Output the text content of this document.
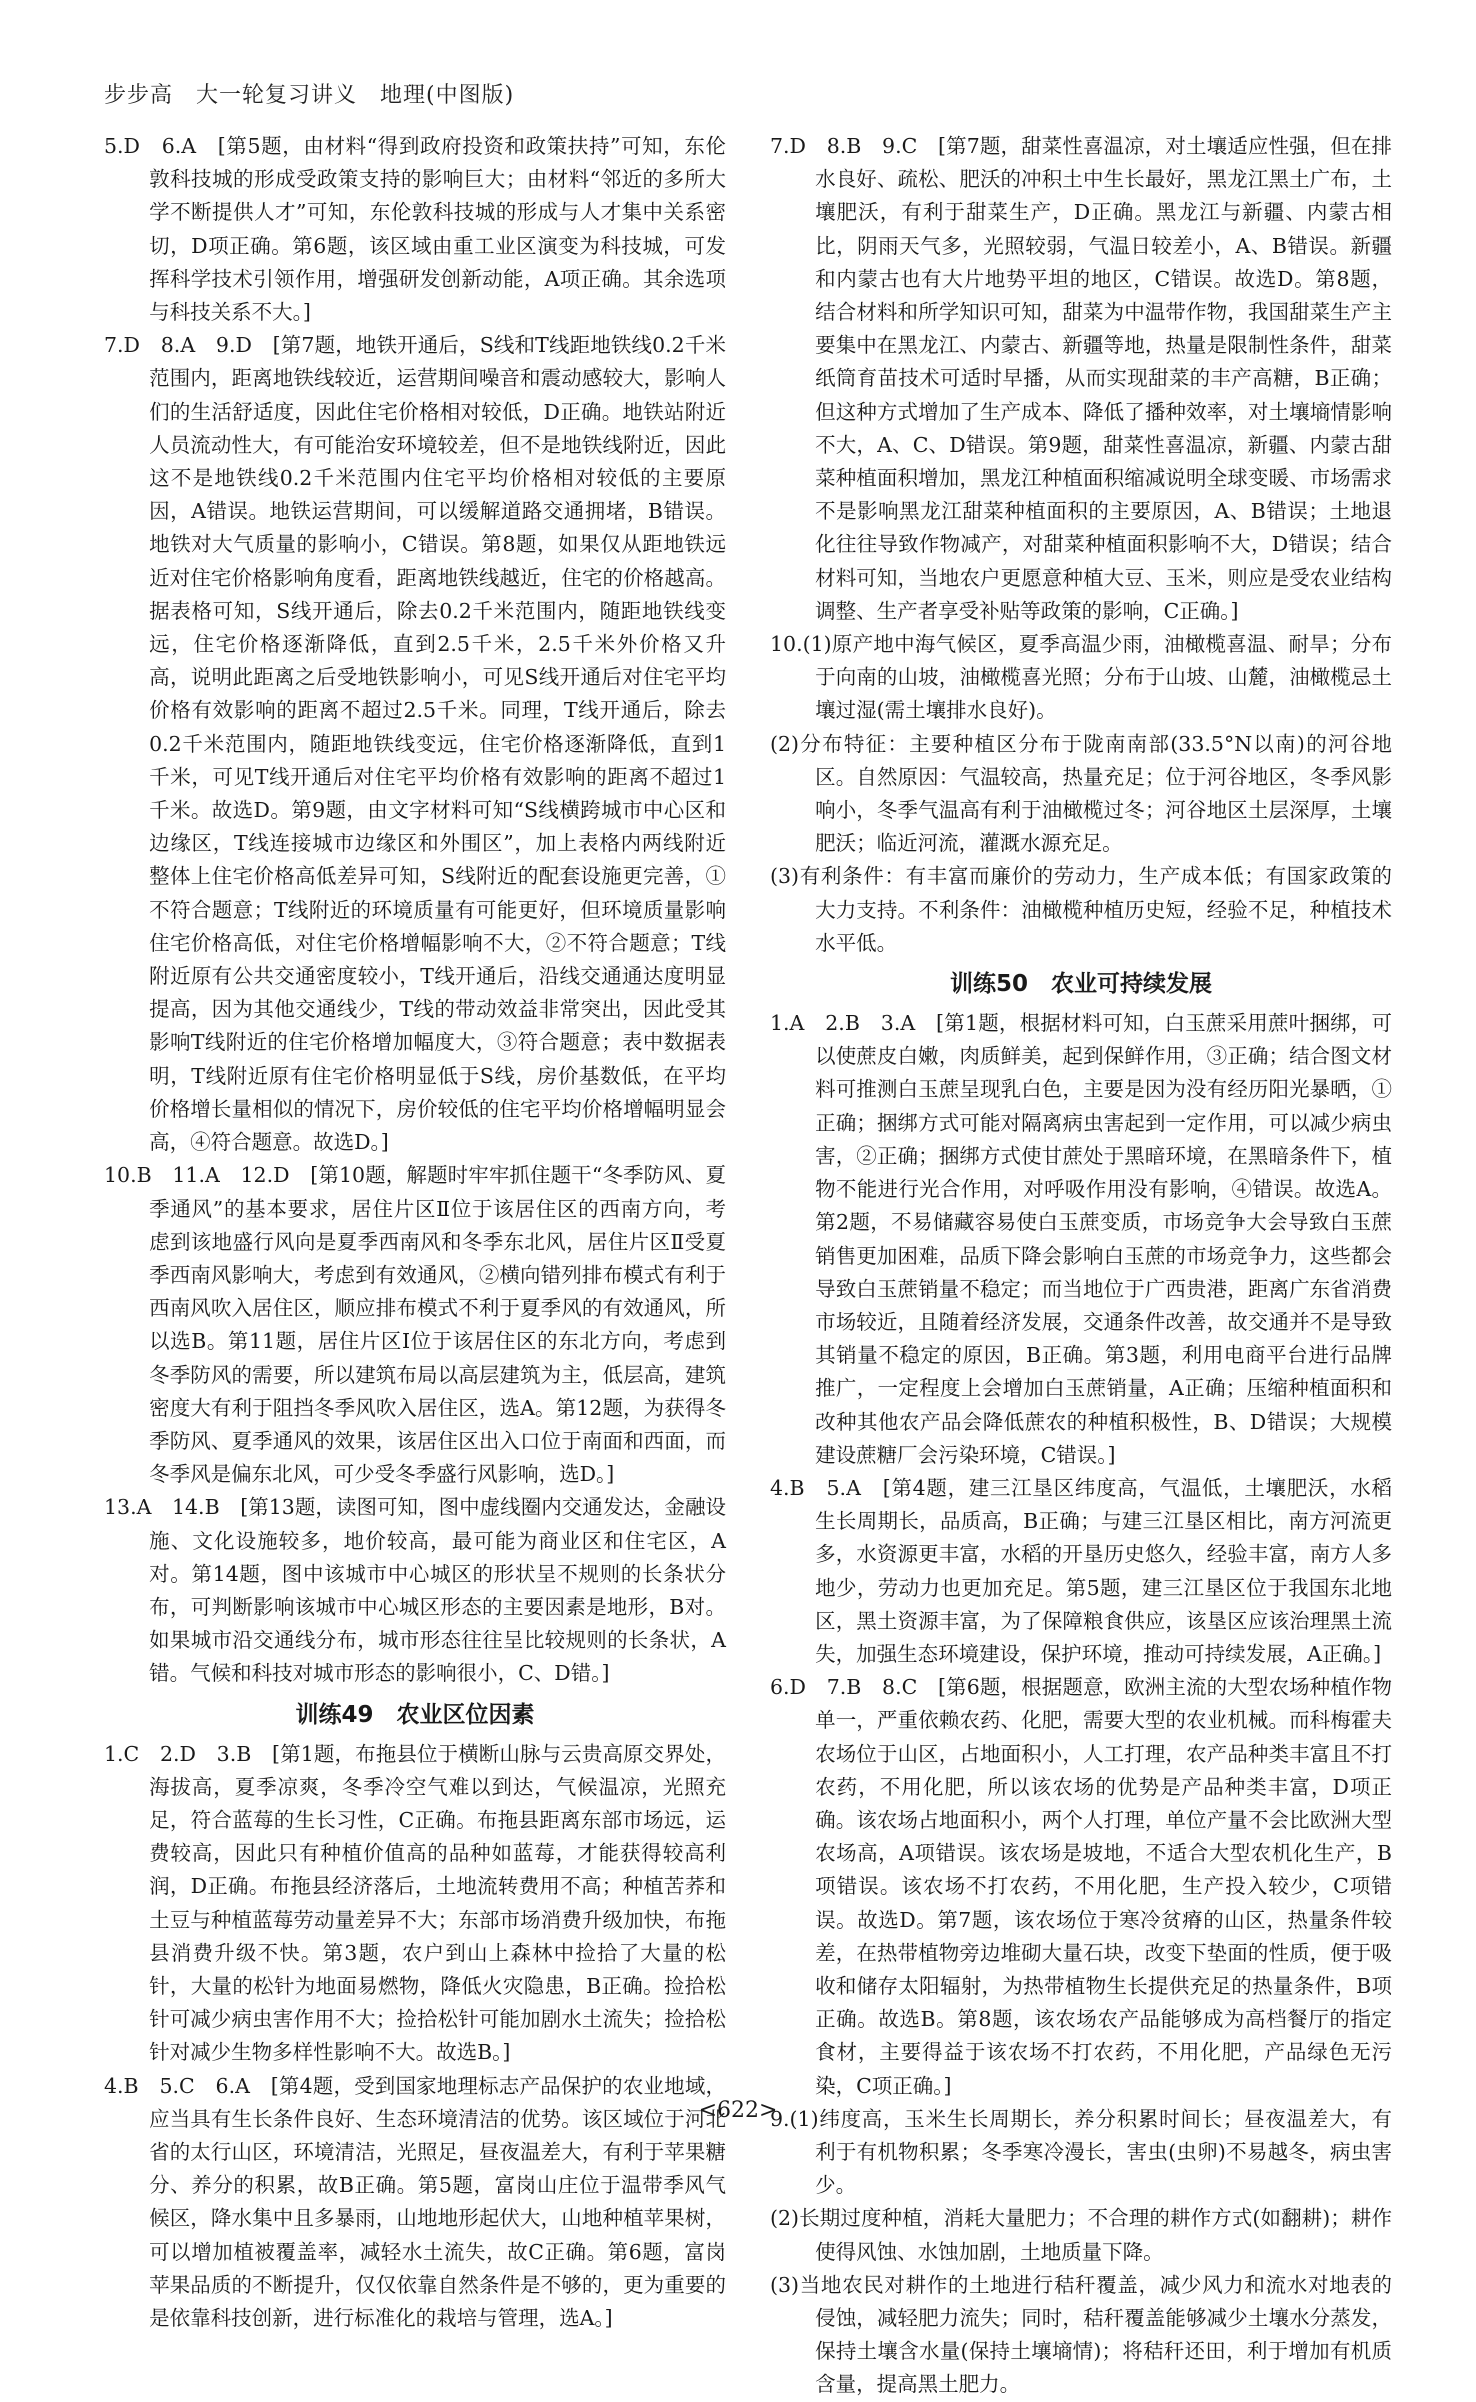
步步高　大一轮复习讲义　地理(中图版)

5.D　6.A　[第5题，由材料“得到政府投资和政策扶持”可知，东伦敦科技城的形成受政策支持的影响巨大；由材料“邻近的多所大学不断提供人才”可知，东伦敦科技城的形成与人才集中关系密切，D项正确。第6题，该区域由重工业区演变为科技城，可发挥科学技术引领作用，增强研发创新动能，A项正确。其余选项与科技关系不大。]

7.D　8.A　9.D　[第7题，地铁开通后，S线和T线距地铁线0.2千米范围内，距离地铁线较近，运营期间噪音和震动感较大，影响人们的生活舒适度，因此住宅价格相对较低，D正确。地铁站附近人员流动性大，有可能治安环境较差，但不是地铁线附近，因此这不是地铁线0.2千米范围内住宅平均价格相对较低的主要原因，A错误。地铁运营期间，可以缓解道路交通拥堵，B错误。地铁对大气质量的影响小，C错误。第8题，如果仅从距地铁远近对住宅价格影响角度看，距离地铁线越近，住宅的价格越高。据表格可知，S线开通后，除去0.2千米范围内，随距地铁线变远，住宅价格逐渐降低，直到2.5千米，2.5千米外价格又升高，说明此距离之后受地铁影响小，可见S线开通后对住宅平均价格有效影响的距离不超过2.5千米。同理，T线开通后，除去0.2千米范围内，随距地铁线变远，住宅价格逐渐降低，直到1千米，可见T线开通后对住宅平均价格有效影响的距离不超过1千米。故选D。第9题，由文字材料可知“S线横跨城市中心区和边缘区，T线连接城市边缘区和外围区”，加上表格内两线附近整体上住宅价格高低差异可知，S线附近的配套设施更完善，①不符合题意；T线附近的环境质量有可能更好，但环境质量影响住宅价格高低，对住宅价格增幅影响不大，②不符合题意；T线附近原有公共交通密度较小，T线开通后，沿线交通通达度明显提高，因为其他交通线少，T线的带动效益非常突出，因此受其影响T线附近的住宅价格增加幅度大，③符合题意；表中数据表明，T线附近原有住宅价格明显低于S线，房价基数低，在平均价格增长量相似的情况下，房价较低的住宅平均价格增幅明显会高，④符合题意。故选D。]

10.B　11.A　12.D　[第10题，解题时牢牢抓住题干“冬季防风、夏季通风”的基本要求，居住片区Ⅱ位于该居住区的西南方向，考虑到该地盛行风向是夏季西南风和冬季东北风，居住片区Ⅱ受夏季西南风影响大，考虑到有效通风，②横向错列排布模式有利于西南风吹入居住区，顺应排布模式不利于夏季风的有效通风，所以选B。第11题，居住片区Ⅰ位于该居住区的东北方向，考虑到冬季防风的需要，所以建筑布局以高层建筑为主，低层高，建筑密度大有利于阻挡冬季风吹入居住区，选A。第12题，为获得冬季防风、夏季通风的效果，该居住区出入口位于南面和西面，而冬季风是偏东北风，可少受冬季盛行风影响，选D。]

13.A　14.B　[第13题，读图可知，图中虚线圈内交通发达，金融设施、文化设施较多，地价较高，最可能为商业区和住宅区，A对。第14题，图中该城市中心城区的形状呈不规则的长条状分布，可判断影响该城市中心城区形态的主要因素是地形，B对。如果城市沿交通线分布，城市形态往往呈比较规则的长条状，A错。气候和科技对城市形态的影响很小，C、D错。]

训练49　农业区位因素

1.C　2.D　3.B　[第1题，布拖县位于横断山脉与云贵高原交界处，海拔高，夏季凉爽，冬季冷空气难以到达，气候温凉，光照充足，符合蓝莓的生长习性，C正确。布拖县距离东部市场远，运费较高，因此只有种植价值高的品种如蓝莓，才能获得较高利润，D正确。布拖县经济落后，土地流转费用不高；种植苦荞和土豆与种植蓝莓劳动量差异不大；东部市场消费升级加快，布拖县消费升级不快。第3题，农户到山上森林中捡拾了大量的松针，大量的松针为地面易燃物，降低火灾隐患，B正确。捡拾松针可减少病虫害作用不大；捡拾松针可能加剧水土流失；捡拾松针对减少生物多样性影响不大。故选B。]

4.B　5.C　6.A　[第4题，受到国家地理标志产品保护的农业地域，应当具有生长条件良好、生态环境清洁的优势。该区域位于河北省的太行山区，环境清洁，光照足，昼夜温差大，有利于苹果糖分、养分的积累，故B正确。第5题，富岗山庄位于温带季风气候区，降水集中且多暴雨，山地地形起伏大，山地种植苹果树，可以增加植被覆盖率，减轻水土流失，故C正确。第6题，富岗苹果品质的不断提升，仅仅依靠自然条件是不够的，更为重要的是依靠科技创新，进行标准化的栽培与管理，选A。]

7.D　8.B　9.C　[第7题，甜菜性喜温凉，对土壤适应性强，但在排水良好、疏松、肥沃的冲积土中生长最好，黑龙江黑土广布，土壤肥沃，有利于甜菜生产，D正确。黑龙江与新疆、内蒙古相比，阴雨天气多，光照较弱，气温日较差小，A、B错误。新疆和内蒙古也有大片地势平坦的地区，C错误。故选D。第8题，结合材料和所学知识可知，甜菜为中温带作物，我国甜菜生产主要集中在黑龙江、内蒙古、新疆等地，热量是限制性条件，甜菜纸筒育苗技术可适时早播，从而实现甜菜的丰产高糖，B正确；但这种方式增加了生产成本、降低了播种效率，对土壤墒情影响不大，A、C、D错误。第9题，甜菜性喜温凉，新疆、内蒙古甜菜种植面积增加，黑龙江种植面积缩减说明全球变暖、市场需求不是影响黑龙江甜菜种植面积的主要原因，A、B错误；土地退化往往导致作物减产，对甜菜种植面积影响不大，D错误；结合材料可知，当地农户更愿意种植大豆、玉米，则应是受农业结构调整、生产者享受补贴等政策的影响，C正确。]

10.(1)原产地中海气候区，夏季高温少雨，油橄榄喜温、耐旱；分布于向南的山坡，油橄榄喜光照；分布于山坡、山麓，油橄榄忌土壤过湿(需土壤排水良好)。

(2)分布特征：主要种植区分布于陇南南部(33.5°N以南)的河谷地区。自然原因：气温较高，热量充足；位于河谷地区，冬季风影响小，冬季气温高有利于油橄榄过冬；河谷地区土层深厚，土壤肥沃；临近河流，灌溉水源充足。

(3)有利条件：有丰富而廉价的劳动力，生产成本低；有国家政策的大力支持。不利条件：油橄榄种植历史短，经验不足，种植技术水平低。

训练50　农业可持续发展

1.A　2.B　3.A　[第1题，根据材料可知，白玉蔗采用蔗叶捆绑，可以使蔗皮白嫩，肉质鲜美，起到保鲜作用，③正确；结合图文材料可推测白玉蔗呈现乳白色，主要是因为没有经历阳光暴晒，①正确；捆绑方式可能对隔离病虫害起到一定作用，可以减少病虫害，②正确；捆绑方式使甘蔗处于黑暗环境，在黑暗条件下，植物不能进行光合作用，对呼吸作用没有影响，④错误。故选A。第2题，不易储藏容易使白玉蔗变质，市场竞争大会导致白玉蔗销售更加困难，品质下降会影响白玉蔗的市场竞争力，这些都会导致白玉蔗销量不稳定；而当地位于广西贵港，距离广东省消费市场较近，且随着经济发展，交通条件改善，故交通并不是导致其销量不稳定的原因，B正确。第3题，利用电商平台进行品牌推广，一定程度上会增加白玉蔗销量，A正确；压缩种植面积和改种其他农产品会降低蔗农的种植积极性，B、D错误；大规模建设蔗糖厂会污染环境，C错误。]

4.B　5.A　[第4题，建三江垦区纬度高，气温低，土壤肥沃，水稻生长周期长，品质高，B正确；与建三江垦区相比，南方河流更多，水资源更丰富，水稻的开垦历史悠久，经验丰富，南方人多地少，劳动力也更加充足。第5题，建三江垦区位于我国东北地区，黑土资源丰富，为了保障粮食供应，该垦区应该治理黑土流失，加强生态环境建设，保护环境，推动可持续发展，A正确。]

6.D　7.B　8.C　[第6题，根据题意，欧洲主流的大型农场种植作物单一，严重依赖农药、化肥，需要大型的农业机械。而科梅霍夫农场位于山区，占地面积小，人工打理，农产品种类丰富且不打农药，不用化肥，所以该农场的优势是产品种类丰富，D项正确。该农场占地面积小，两个人打理，单位产量不会比欧洲大型农场高，A项错误。该农场是坡地，不适合大型农机化生产，B项错误。该农场不打农药，不用化肥，生产投入较少，C项错误。故选D。第7题，该农场位于寒冷贫瘠的山区，热量条件较差，在热带植物旁边堆砌大量石块，改变下垫面的性质，便于吸收和储存太阳辐射，为热带植物生长提供充足的热量条件，B项正确。故选B。第8题，该农场农产品能够成为高档餐厅的指定食材，主要得益于该农场不打农药，不用化肥，产品绿色无污染，C项正确。]

9.(1)纬度高，玉米生长周期长，养分积累时间长；昼夜温差大，有利于有机物积累；冬季寒冷漫长，害虫(虫卵)不易越冬，病虫害少。

(2)长期过度种植，消耗大量肥力；不合理的耕作方式(如翻耕)；耕作使得风蚀、水蚀加剧，土地质量下降。

(3)当地农民对耕作的土地进行秸秆覆盖，减少风力和流水对地表的侵蚀，减轻肥力流失；同时，秸秆覆盖能够减少土壤水分蒸发，保持土壤含水量(保持土壤墒情)；将秸秆还田，利于增加有机质含量，提高黑土肥力。

<622>
